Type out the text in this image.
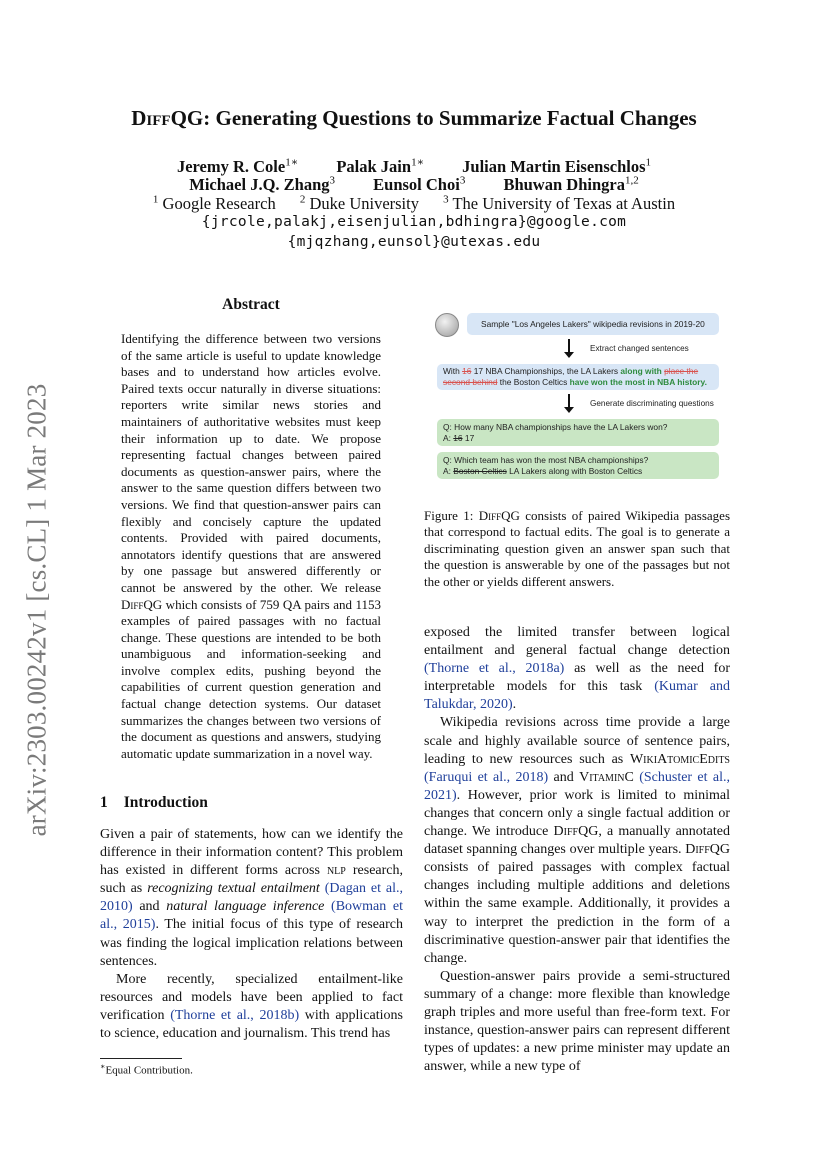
arXiv:2303.00242v1 [cs.CL] 1 Mar 2023
DiffQG: Generating Questions to Summarize Factual Changes
Jeremy R. Cole$^{1∗}$ Palak Jain$^{1∗}$ Julian Martin Eisenschlos$^1$
Michael J.Q. Zhang$^3$ Eunsol Choi$^3$ Bhuwan Dhingra$^{1,2}$
$^1$ Google Research $^2$ Duke University $^3$ The University of Texas at Austin
{jrcole,palakj,eisenjulian,bdhingra}@google.com
{mjqzhang,eunsol}@utexas.edu
Abstract
Identifying the difference between two versions of the same article is useful to update knowledge bases and to understand how articles evolve. Paired texts occur naturally in diverse situations: reporters write similar news stories and maintainers of authoritative websites must keep their information up to date. We propose representing factual changes between paired documents as question-answer pairs, where the answer to the same question differs between two versions. We find that question-answer pairs can flexibly and concisely capture the updated contents. Provided with paired documents, annotators identify questions that are answered by one passage but answered differently or cannot be answered by the other. We release DiffQG which consists of 759 QA pairs and 1153 examples of paired passages with no factual change. These questions are intended to be both unambiguous and information-seeking and involve complex edits, pushing beyond the capabilities of current question generation and factual change detection systems. Our dataset summarizes the changes between two versions of the document as questions and answers, studying automatic update summarization in a novel way.
1 Introduction

Given a pair of statements, how can we identify the difference in their information content? This problem has existed in different forms across nlp research, such as recognizing textual entailment (Dagan et al., 2010) and natural language inference (Bowman et al., 2015). The initial focus of this type of research was finding the logical implication relations between sentences.

More recently, specialized entailment-like resources and models have been applied to fact verification (Thorne et al., 2018b) with applications to science, education and journalism. This trend has

∗Equal Contribution.
Sample "Los Angeles Lakers" wikipedia revisions in 2019-20
Extract changed sentences
With 16 17 NBA Championships, the LA Lakers along with place the second behind the Boston Celtics have won the most in NBA history.
Generate discriminating questions
Q: How many NBA championships have the LA Lakers won?
A: 16 17
Q: Which team has won the most NBA championships?
A: Boston Celtics LA Lakers along with Boston Celtics
Figure 1: DiffQG consists of paired Wikipedia passages that correspond to factual edits. The goal is to generate a discriminating question given an answer span such that the question is answerable by one of the passages but not the other or yields different answers.

exposed the limited transfer between logical entailment and general factual change detection (Thorne et al., 2018a) as well as the need for interpretable models for this task (Kumar and Talukdar, 2020).

Wikipedia revisions across time provide a large scale and highly available source of sentence pairs, leading to new resources such as WikiAtomicEdits (Faruqui et al., 2018) and VitaminC (Schuster et al., 2021). However, prior work is limited to minimal changes that concern only a single factual addition or change. We introduce DiffQG, a manually annotated dataset spanning changes over multiple years. DiffQG consists of paired passages with complex factual changes including multiple additions and deletions within the same example. Additionally, it provides a way to interpret the prediction in the form of a discriminative question-answer pair that identifies the change.

Question-answer pairs provide a semi-structured summary of a change: more flexible than knowledge graph triples and more useful than free-form text. For instance, question-answer pairs can represent different types of updates: a new prime minister may update an answer, while a new type of
